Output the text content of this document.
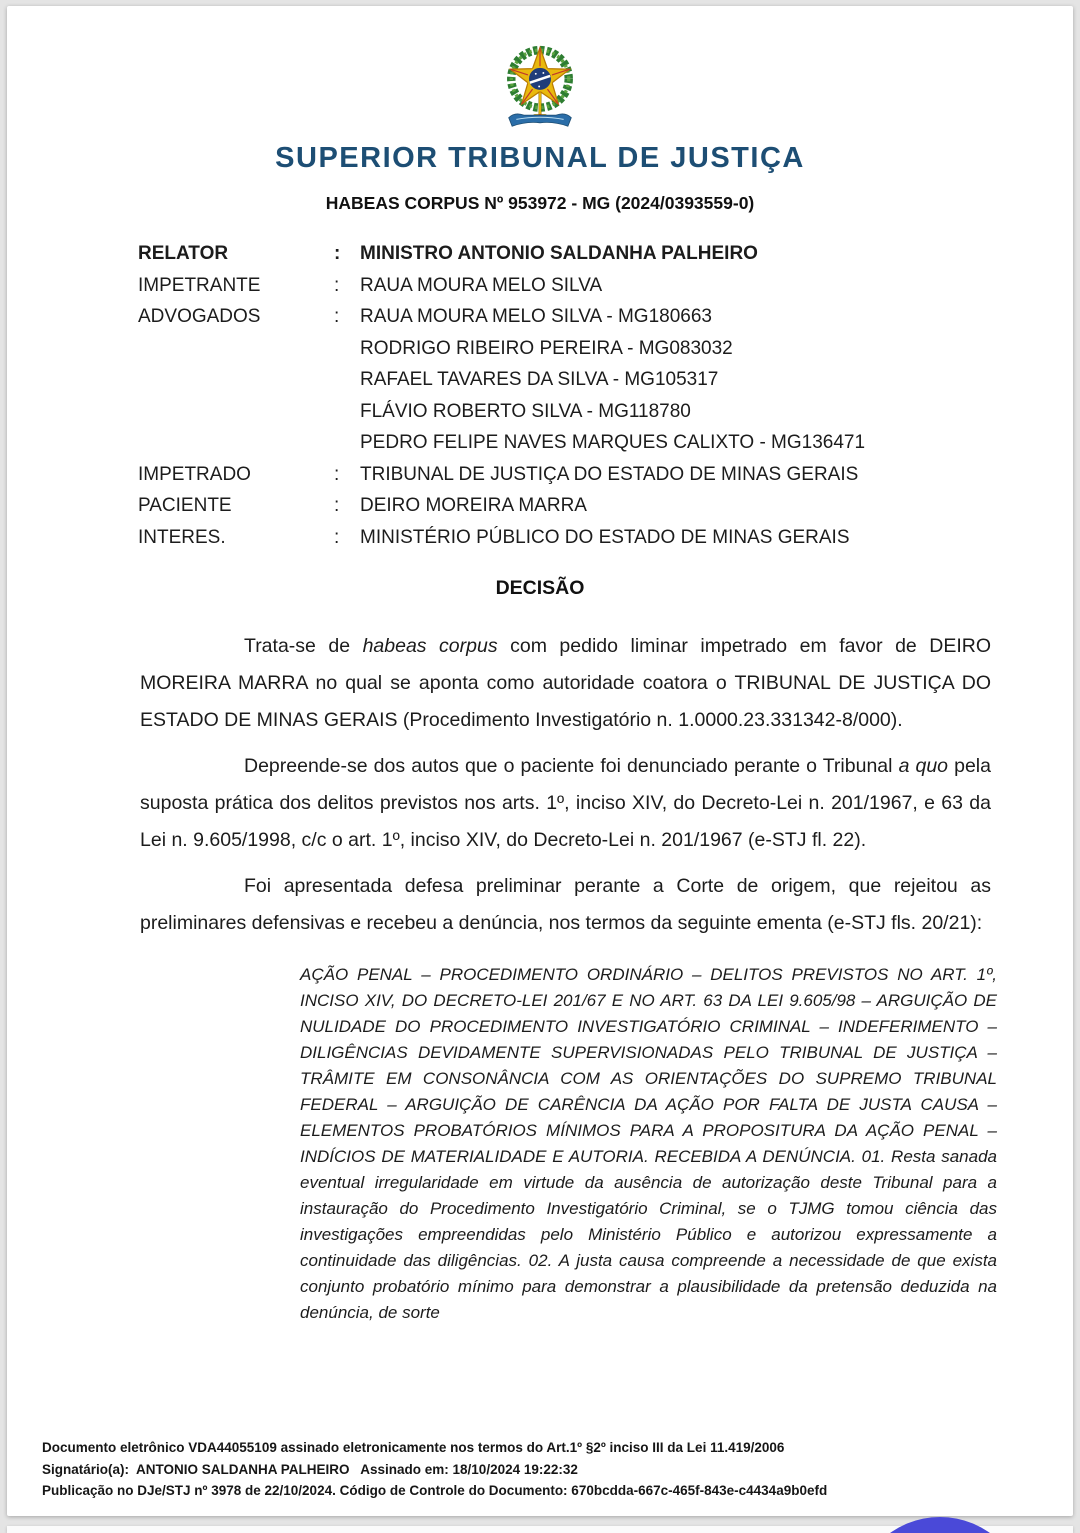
SUPERIOR TRIBUNAL DE JUSTIÇA
HABEAS CORPUS Nº 953972 - MG (2024/0393559-0)
RELATOR	:	MINISTRO ANTONIO SALDANHA PALHEIRO
IMPETRANTE	:	RAUA MOURA MELO SILVA
ADVOGADOS	:	RAUA MOURA MELO SILVA - MG180663
RODRIGO RIBEIRO PEREIRA - MG083032
RAFAEL TAVARES DA SILVA - MG105317
FLÁVIO ROBERTO SILVA - MG118780
PEDRO FELIPE NAVES MARQUES CALIXTO - MG136471
IMPETRADO	:	TRIBUNAL DE JUSTIÇA DO ESTADO DE MINAS GERAIS
PACIENTE	:	DEIRO MOREIRA MARRA
INTERES.	:	MINISTÉRIO PÚBLICO DO ESTADO DE MINAS GERAIS
DECISÃO

Trata-se de habeas corpus com pedido liminar impetrado em favor de DEIRO MOREIRA MARRA no qual se aponta como autoridade coatora o TRIBUNAL DE JUSTIÇA DO ESTADO DE MINAS GERAIS (Procedimento Investigatório n. 1.0000.23.331342-8/000).

Depreende-se dos autos que o paciente foi denunciado perante o Tribunal a quo pela suposta prática dos delitos previstos nos arts. 1º, inciso XIV, do Decreto-Lei n. 201/1967, e 63 da Lei n. 9.605/1998, c/c o art. 1º, inciso XIV, do Decreto-Lei n. 201/1967 (e-STJ fl. 22).

Foi apresentada defesa preliminar perante a Corte de origem, que rejeitou as preliminares defensivas e recebeu a denúncia, nos termos da seguinte ementa (e-STJ fls. 20/21):

AÇÃO PENAL – PROCEDIMENTO ORDINÁRIO – DELITOS PREVISTOS NO ART. 1º, INCISO XIV, DO DECRETO-LEI 201/67 E NO ART. 63 DA LEI 9.605/98 – ARGUIÇÃO DE NULIDADE DO PROCEDIMENTO INVESTIGATÓRIO CRIMINAL – INDEFERIMENTO – DILIGÊNCIAS DEVIDAMENTE SUPERVISIONADAS PELO TRIBUNAL DE JUSTIÇA – TRÂMITE EM CONSONÂNCIA COM AS ORIENTAÇÕES DO SUPREMO TRIBUNAL FEDERAL – ARGUIÇÃO DE CARÊNCIA DA AÇÃO POR FALTA DE JUSTA CAUSA – ELEMENTOS PROBATÓRIOS MÍNIMOS PARA A PROPOSITURA DA AÇÃO PENAL – INDÍCIOS DE MATERIALIDADE E AUTORIA. RECEBIDA A DENÚNCIA. 01. Resta sanada eventual irregularidade em virtude da ausência de autorização deste Tribunal para a instauração do Procedimento Investigatório Criminal, se o TJMG tomou ciência das investigações empreendidas pelo Ministério Público e autorizou expressamente a continuidade das diligências. 02. A justa causa compreende a necessidade de que exista conjunto probatório mínimo para demonstrar a plausibilidade da pretensão deduzida na denúncia, de sorte
Documento eletrônico VDA44055109 assinado eletronicamente nos termos do Art.1º §2º inciso III da Lei 11.419/2006
Signatário(a):  ANTONIO SALDANHA PALHEIRO   Assinado em: 18/10/2024 19:22:32
Publicação no DJe/STJ nº 3978 de 22/10/2024. Código de Controle do Documento: 670bcdda-667c-465f-843e-c4434a9b0efd
